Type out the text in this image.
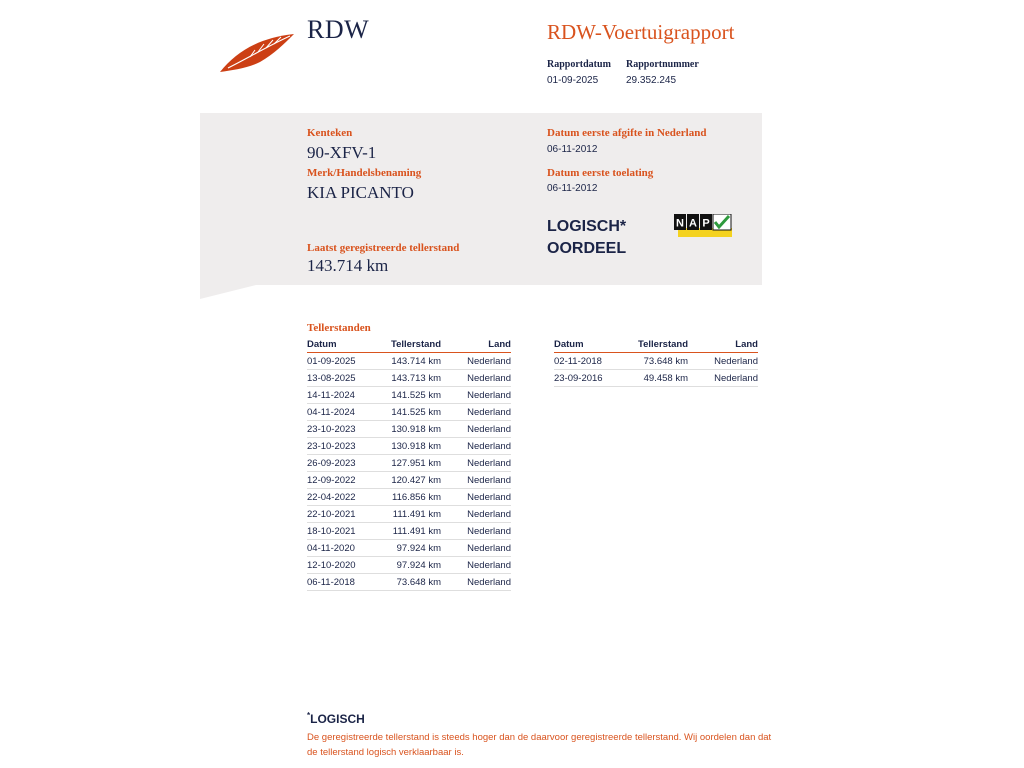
RDW	RDW-Voertuigrapport
Rapportdatum
01-09-2025
Rapportnummer
29.352.245
Kenteken
90-XFV-1
Merk/Handelsbenaming
KIA PICANTO
Laatst geregistreerde tellerstand
143.714 km
Datum eerste afgifte in Nederland
06-11-2012
Datum eerste toelating
06-11-2012
LOGISCH*
OORDEEL
N A P
Tellerstanden
Datum	Tellerstand	Land
01-09-2025	143.714 km	Nederland
13-08-2025	143.713 km	Nederland
14-11-2024	141.525 km	Nederland
04-11-2024	141.525 km	Nederland
23-10-2023	130.918 km	Nederland
23-10-2023	130.918 km	Nederland
26-09-2023	127.951 km	Nederland
12-09-2022	120.427 km	Nederland
22-04-2022	116.856 km	Nederland
22-10-2021	111.491 km	Nederland
18-10-2021	111.491 km	Nederland
04-11-2020	97.924 km	Nederland
12-10-2020	97.924 km	Nederland
06-11-2018	73.648 km	Nederland
Datum	Tellerstand	Land
02-11-2018	73.648 km	Nederland
23-09-2016	49.458 km	Nederland
*LOGISCH
De geregistreerde tellerstand is steeds hoger dan de daarvoor geregistreerde tellerstand. Wij oordelen dan dat de tellerstand logisch verklaarbaar is.
